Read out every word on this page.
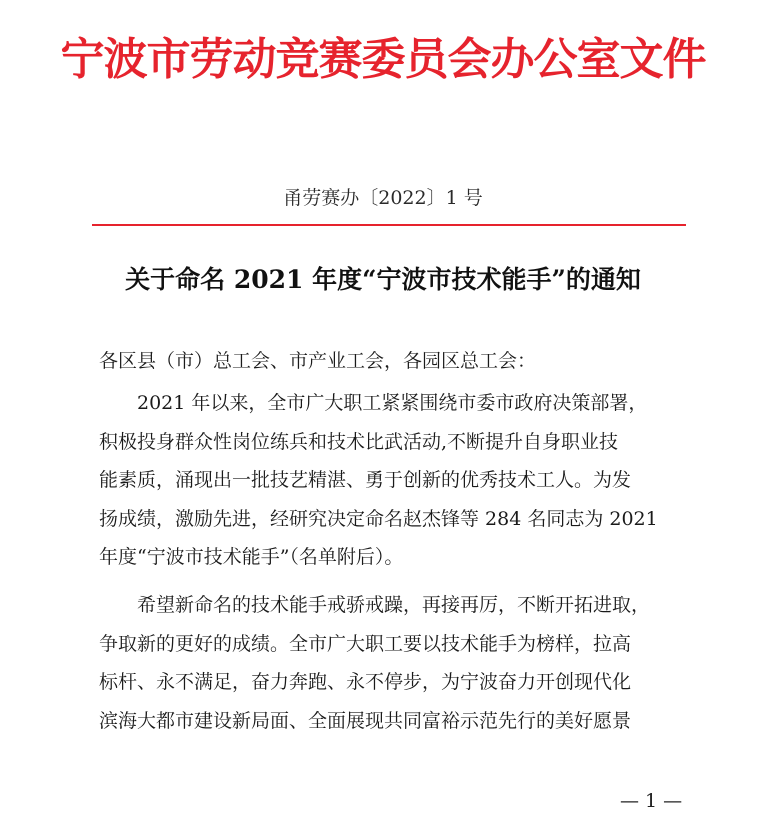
宁波市劳动竞赛委员会办公室文件
甬劳赛办〔2022〕1 号
关于命名 2021 年度“宁波市技术能手”的通知
各区县（市）总工会、市产业工会，各园区总工会：
2021 年以来，全市广大职工紧紧围绕市委市政府决策部署，
积极投身群众性岗位练兵和技术比武活动,不断提升自身职业技
能素质，涌现出一批技艺精湛、勇于创新的优秀技术工人。为发
扬成绩，激励先进，经研究决定命名赵杰锋等 284 名同志为 2021
年度“宁波市技术能手”（名单附后）。
希望新命名的技术能手戒骄戒躁，再接再厉，不断开拓进取，
争取新的更好的成绩。全市广大职工要以技术能手为榜样，拉高
标杆、永不满足，奋力奔跑、永不停步，为宁波奋力开创现代化
滨海大都市建设新局面、全面展现共同富裕示范先行的美好愿景
— 1 —
